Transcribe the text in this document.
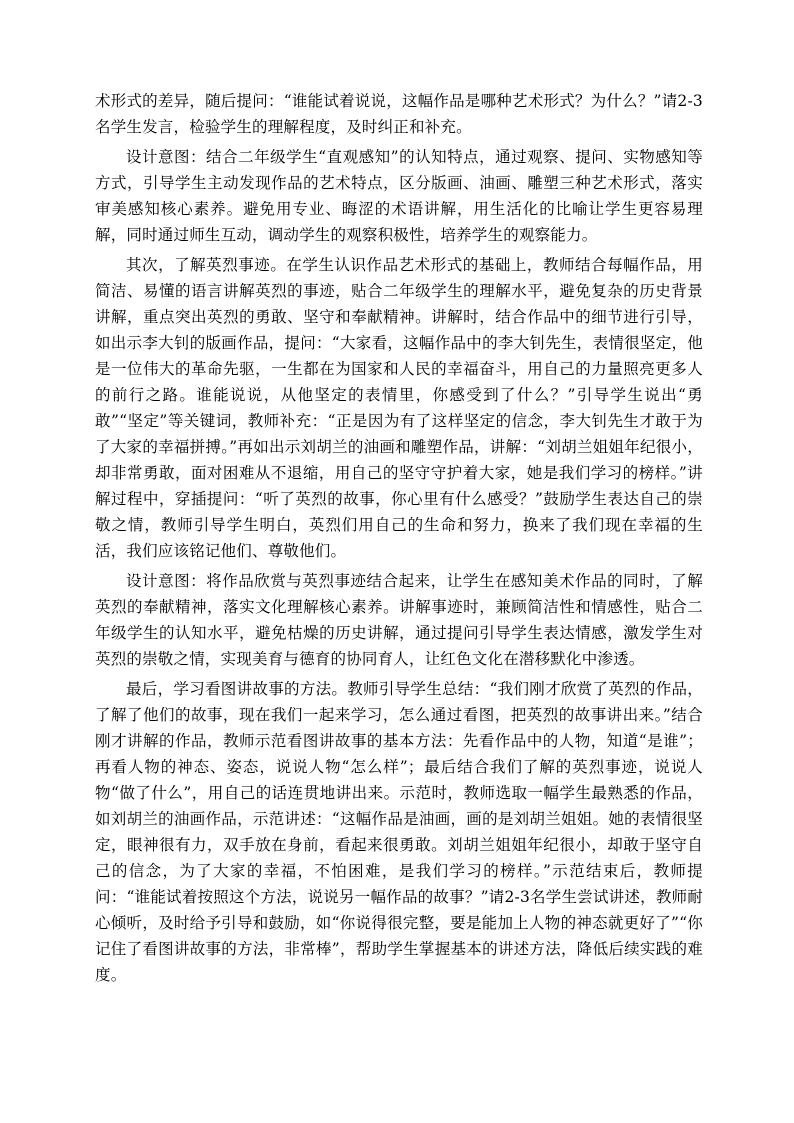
术形式的差异，随后提问：“谁能试着说说，这幅作品是哪种艺术形式？为什么？”请2-3名学生发言，检验学生的理解程度，及时纠正和补充。

设计意图：结合二年级学生“直观感知”的认知特点，通过观察、提问、实物感知等方式，引导学生主动发现作品的艺术特点，区分版画、油画、雕塑三种艺术形式，落实审美感知核心素养。避免用专业、晦涩的术语讲解，用生活化的比喻让学生更容易理解，同时通过师生互动，调动学生的观察积极性，培养学生的观察能力。

其次，了解英烈事迹。在学生认识作品艺术形式的基础上，教师结合每幅作品，用简洁、易懂的语言讲解英烈的事迹，贴合二年级学生的理解水平，避免复杂的历史背景讲解，重点突出英烈的勇敢、坚守和奉献精神。讲解时，结合作品中的细节进行引导，如出示李大钊的版画作品，提问：“大家看，这幅作品中的李大钊先生，表情很坚定，他是一位伟大的革命先驱，一生都在为国家和人民的幸福奋斗，用自己的力量照亮更多人的前行之路。谁能说说，从他坚定的表情里，你感受到了什么？”引导学生说出“勇敢”“坚定”等关键词，教师补充：“正是因为有了这样坚定的信念，李大钊先生才敢于为了大家的幸福拼搏。”再如出示刘胡兰的油画和雕塑作品，讲解：“刘胡兰姐姐年纪很小，却非常勇敢，面对困难从不退缩，用自己的坚守守护着大家，她是我们学习的榜样。”讲解过程中，穿插提问：“听了英烈的故事，你心里有什么感受？”鼓励学生表达自己的崇敬之情，教师引导学生明白，英烈们用自己的生命和努力，换来了我们现在幸福的生活，我们应该铭记他们、尊敬他们。

设计意图：将作品欣赏与英烈事迹结合起来，让学生在感知美术作品的同时，了解英烈的奉献精神，落实文化理解核心素养。讲解事迹时，兼顾简洁性和情感性，贴合二年级学生的认知水平，避免枯燥的历史讲解，通过提问引导学生表达情感，激发学生对英烈的崇敬之情，实现美育与德育的协同育人，让红色文化在潜移默化中渗透。

最后，学习看图讲故事的方法。教师引导学生总结：“我们刚才欣赏了英烈的作品，了解了他们的故事，现在我们一起来学习，怎么通过看图，把英烈的故事讲出来。”结合刚才讲解的作品，教师示范看图讲故事的基本方法：先看作品中的人物，知道“是谁”；再看人物的神态、姿态，说说人物“怎么样”；最后结合我们了解的英烈事迹，说说人物“做了什么”，用自己的话连贯地讲出来。示范时，教师选取一幅学生最熟悉的作品，如刘胡兰的油画作品，示范讲述：“这幅作品是油画，画的是刘胡兰姐姐。她的表情很坚定，眼神很有力，双手放在身前，看起来很勇敢。刘胡兰姐姐年纪很小，却敢于坚守自己的信念，为了大家的幸福，不怕困难，是我们学习的榜样。”示范结束后，教师提问：“谁能试着按照这个方法，说说另一幅作品的故事？”请2-3名学生尝试讲述，教师耐心倾听，及时给予引导和鼓励，如“你说得很完整，要是能加上人物的神态就更好了”“你记住了看图讲故事的方法，非常棒”，帮助学生掌握基本的讲述方法，降低后续实践的难度。
